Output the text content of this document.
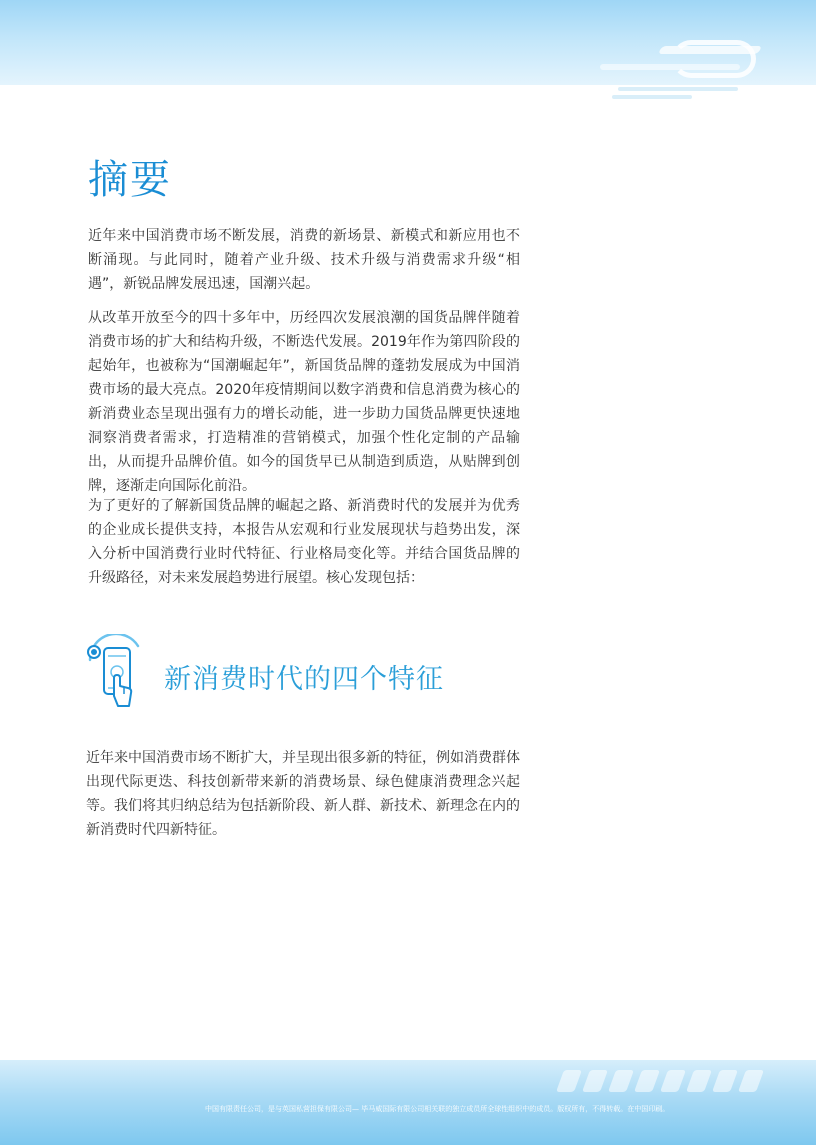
摘要

近年来中国消费市场不断发展，消费的新场景、新模式和新应用也不断涌现。与此同时，随着产业升级、技术升级与消费需求升级“相遇”，新锐品牌发展迅速，国潮兴起。

从改革开放至今的四十多年中，历经四次发展浪潮的国货品牌伴随着消费市场的扩大和结构升级，不断迭代发展。2019年作为第四阶段的起始年，也被称为“国潮崛起年”，新国货品牌的蓬勃发展成为中国消费市场的最大亮点。2020年疫情期间以数字消费和信息消费为核心的新消费业态呈现出强有力的增长动能，进一步助力国货品牌更快速地洞察消费者需求，打造精准的营销模式，加强个性化定制的产品输出，从而提升品牌价值。如今的国货早已从制造到质造，从贴牌到创牌，逐渐走向国际化前沿。

为了更好的了解新国货品牌的崛起之路、新消费时代的发展并为优秀的企业成长提供支持，本报告从宏观和行业发展现状与趋势出发，深入分析中国消费行业时代特征、行业格局变化等。并结合国货品牌的升级路径，对未来发展趋势进行展望。核心发现包括：

新消费时代的四个特征

近年来中国消费市场不断扩大，并呈现出很多新的特征，例如消费群体出现代际更迭、科技创新带来新的消费场景、绿色健康消费理念兴起等。我们将其归纳总结为包括新阶段、新人群、新技术、新理念在内的新消费时代四新特征。

中国有限责任公司，是与英国私营担保有限公司— 毕马威国际有限公司相关联的独立成员所全球性组织中的成员。版权所有，不得转载。在中国印刷。
